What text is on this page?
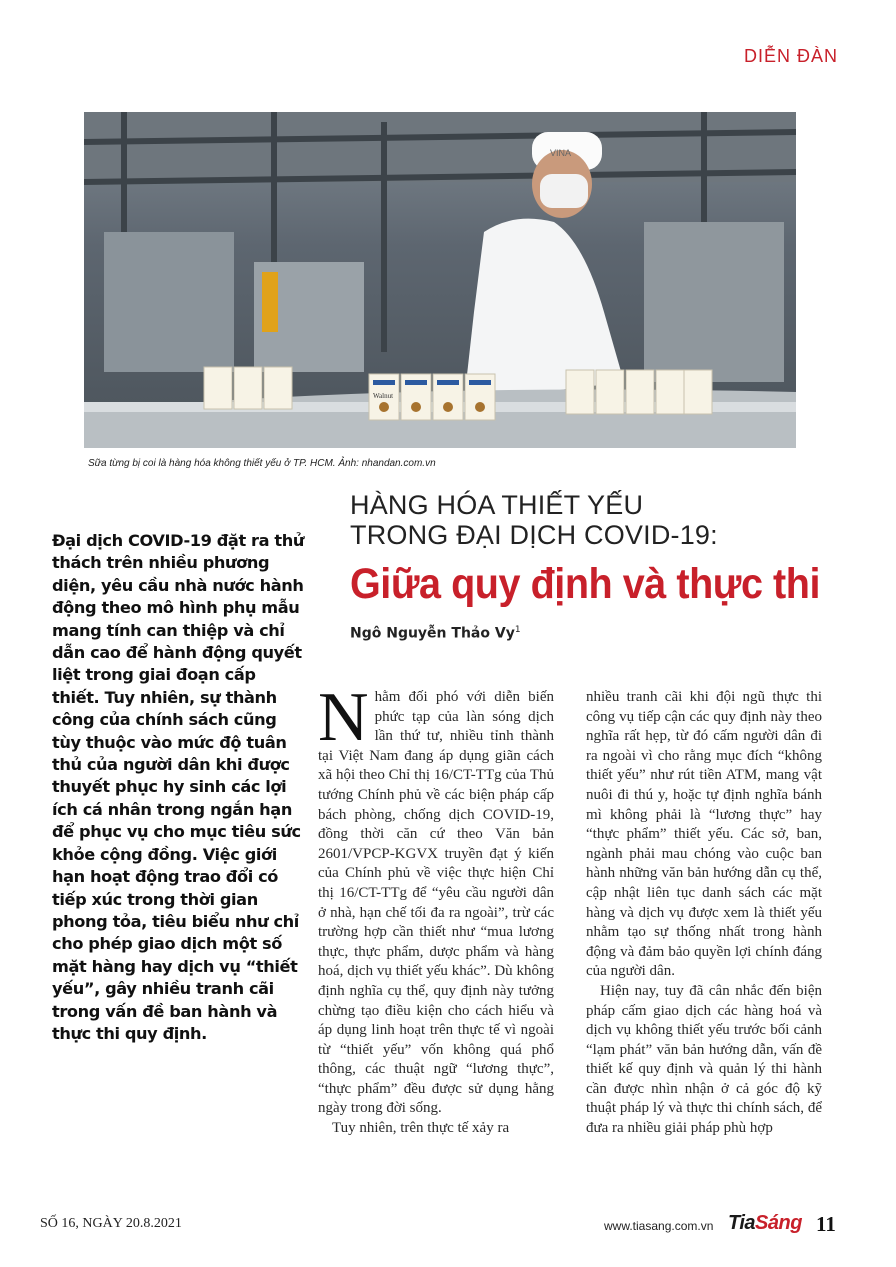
DIỄN ĐÀN
VINA
Walnut
Sữa từng bị coi là hàng hóa không thiết yếu ở TP. HCM. Ảnh: nhandan.com.vn
HÀNG HÓA THIẾT YẾU
TRONG ĐẠI DỊCH COVID-19:
Giữa quy định và thực thi
Ngô Nguyễn Thảo Vy$^1$
Đại dịch COVID-19 đặt ra thử thách trên nhiều phương diện, yêu cầu nhà nước hành động theo mô hình phụ mẫu mang tính can thiệp và chỉ dẫn cao để hành động quyết liệt trong giai đoạn cấp thiết. Tuy nhiên, sự thành công của chính sách cũng tùy thuộc vào mức độ tuân thủ của người dân khi được thuyết phục hy sinh các lợi ích cá nhân trong ngắn hạn để phục vụ cho mục tiêu sức khỏe cộng đồng. Việc giới hạn hoạt động trao đổi có tiếp xúc trong thời gian phong tỏa, tiêu biểu như chỉ cho phép giao dịch một số mặt hàng hay dịch vụ “thiết yếu”, gây nhiều tranh cãi trong vấn đề ban hành và thực thi quy định.

Nhằm đối phó với diễn biến phức tạp của làn sóng dịch lần thứ tư, nhiều tỉnh thành tại Việt Nam đang áp dụng giãn cách xã hội theo Chỉ thị 16/CT-TTg của Thủ tướng Chính phủ về các biện pháp cấp bách phòng, chống dịch COVID-19, đồng thời căn cứ theo Văn bản 2601/VPCP-KGVX truyền đạt ý kiến của Chính phủ về việc thực hiện Chỉ thị 16/CT-TTg để “yêu cầu người dân ở nhà, hạn chế tối đa ra ngoài”, trừ các trường hợp cần thiết như “mua lương thực, thực phẩm, dược phẩm và hàng hoá, dịch vụ thiết yếu khác”. Dù không định nghĩa cụ thể, quy định này tưởng chừng tạo điều kiện cho cách hiểu và áp dụng linh hoạt trên thực tế vì ngoài từ “thiết yếu” vốn không quá phổ thông, các thuật ngữ “lương thực”, “thực phẩm” đều được sử dụng hằng ngày trong đời sống.

Tuy nhiên, trên thực tế xảy ra

nhiều tranh cãi khi đội ngũ thực thi công vụ tiếp cận các quy định này theo nghĩa rất hẹp, từ đó cấm người dân đi ra ngoài vì cho rằng mục đích “không thiết yếu” như rút tiền ATM, mang vật nuôi đi thú y, hoặc tự định nghĩa bánh mì không phải là “lương thực” hay “thực phẩm” thiết yếu. Các sở, ban, ngành phải mau chóng vào cuộc ban hành những văn bản hướng dẫn cụ thể, cập nhật liên tục danh sách các mặt hàng và dịch vụ được xem là thiết yếu nhằm tạo sự thống nhất trong hành động và đảm bảo quyền lợi chính đáng của người dân.

Hiện nay, tuy đã cân nhắc đến biện pháp cấm giao dịch các hàng hoá và dịch vụ không thiết yếu trước bối cảnh “lạm phát” văn bản hướng dẫn, vấn đề thiết kế quy định và quản lý thi hành cần được nhìn nhận ở cả góc độ kỹ thuật pháp lý và thực thi chính sách, để đưa ra nhiều giải pháp phù hợp

SỐ 16, NGÀY 20.8.2021	www.tiasang.com.vn TiaSáng 11
